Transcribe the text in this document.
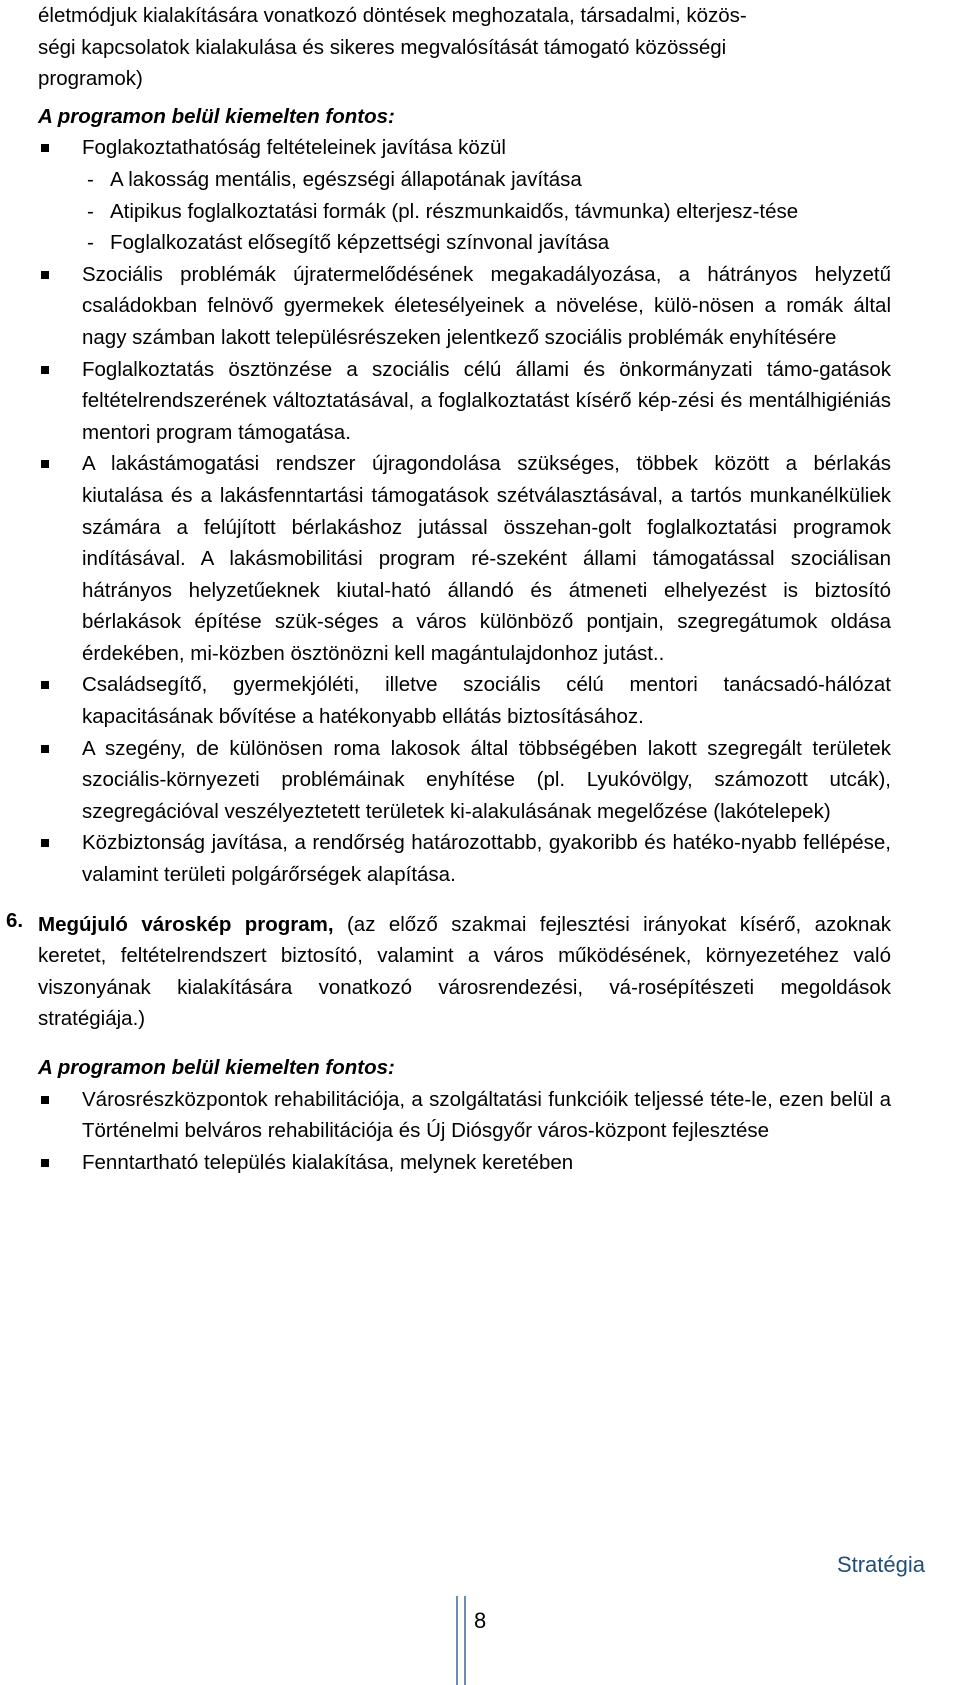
életmódjuk kialakítására vonatkozó döntések meghozatala, társadalmi, közös-

ségi kapcsolatok kialakulása és sikeres megvalósítását támogató közösségi

programok)

A programon belül kiemelten fontos:

Foglakoztathatóság feltételeinek javítása közül
- A lakosság mentális, egészségi állapotának javítása
- Atipikus foglalkoztatási formák (pl. részmunkaidős, távmunka) elterjesz-tése
- Foglalkozatást elősegítő képzettségi színvonal javítása
Szociális problémák újratermelődésének megakadályozása, a hátrányos helyzetű családokban felnövő gyermekek életesélyeinek a növelése, külö-nösen a romák által nagy számban lakott településrészeken jelentkező szociális problémák enyhítésére
Foglalkoztatás ösztönzése a szociális célú állami és önkormányzati támo-gatások feltételrendszerének változtatásával, a foglalkoztatást kísérő kép-zési és mentálhigiéniás mentori program támogatása.
A lakástámogatási rendszer újragondolása szükséges, többek között a bérlakás kiutalása és a lakásfenntartási támogatások szétválasztásával, a tartós munkanélküliek számára a felújított bérlakáshoz jutással összehan-golt foglalkoztatási programok indításával. A lakásmobilitási program ré-szeként állami támogatással szociálisan hátrányos helyzetűeknek kiutal-ható állandó és átmeneti elhelyezést is biztosító bérlakások építése szük-séges a város különböző pontjain, szegregátumok oldása érdekében, mi-közben ösztönözni kell magántulajdonhoz jutást..
Családsegítő, gyermekjóléti, illetve szociális célú mentori tanácsadó-hálózat kapacitásának bővítése a hatékonyabb ellátás biztosításához.
A szegény, de különösen roma lakosok által többségében lakott szegregált területek szociális-környezeti problémáinak enyhítése (pl. Lyukóvölgy, számozott utcák), szegregációval veszélyeztetett területek ki-alakulásának megelőzése (lakótelepek)
Közbiztonság javítása, a rendőrség határozottabb, gyakoribb és hatéko-nyabb fellépése, valamint területi polgárőrségek alapítása.
6. Megújuló városkép program, (az előző szakmai fejlesztési irányokat kísérő, azoknak keretet, feltételrendszert biztosító, valamint a város működésének, környezetéhez való viszonyának kialakítására vonatkozó városrendezési, vá-rosépítészeti megoldások stratégiája.)

A programon belül kiemelten fontos:

Városrészközpontok rehabilitációja, a szolgáltatási funkcióik teljessé téte-le, ezen belül a Történelmi belváros rehabilitációja és Új Diósgyőr város-központ fejlesztése
Fenntartható település kialakítása, melynek keretében
Stratégia
8
